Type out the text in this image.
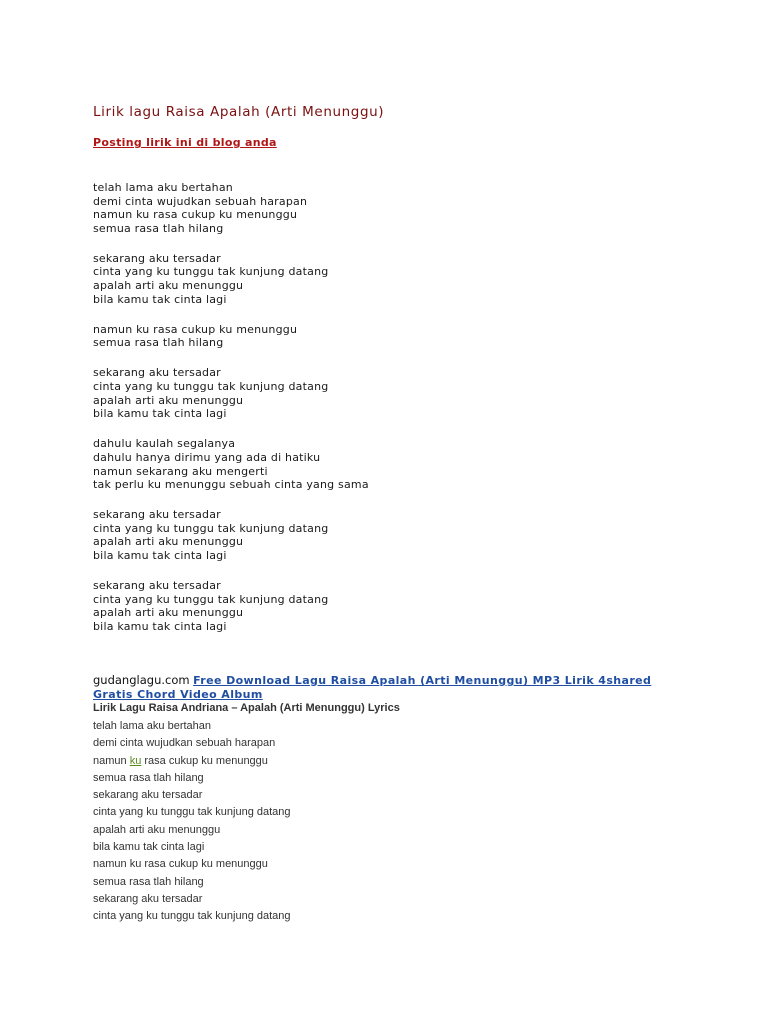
Lirik lagu Raisa Apalah (Arti Menunggu)
Posting lirik ini di blog anda
telah lama aku bertahan
demi cinta wujudkan sebuah harapan
namun ku rasa cukup ku menunggu
semua rasa tlah hilang
sekarang aku tersadar
cinta yang ku tunggu tak kunjung datang
apalah arti aku menunggu
bila kamu tak cinta lagi
namun ku rasa cukup ku menunggu
semua rasa tlah hilang
sekarang aku tersadar
cinta yang ku tunggu tak kunjung datang
apalah arti aku menunggu
bila kamu tak cinta lagi
dahulu kaulah segalanya
dahulu hanya dirimu yang ada di hatiku
namun sekarang aku mengerti
tak perlu ku menunggu sebuah cinta yang sama
sekarang aku tersadar
cinta yang ku tunggu tak kunjung datang
apalah arti aku menunggu
bila kamu tak cinta lagi
sekarang aku tersadar
cinta yang ku tunggu tak kunjung datang
apalah arti aku menunggu
bila kamu tak cinta lagi
gudanglagu.com Free Download Lagu Raisa Apalah (Arti Menunggu) MP3 Lirik 4shared Gratis Chord Video Album
Lirik Lagu Raisa Andriana – Apalah (Arti Menunggu) Lyrics
telah lama aku bertahan
demi cinta wujudkan sebuah harapan
namun ku rasa cukup ku menunggu
semua rasa tlah hilang
sekarang aku tersadar
cinta yang ku tunggu tak kunjung datang
apalah arti aku menunggu
bila kamu tak cinta lagi
namun ku rasa cukup ku menunggu
semua rasa tlah hilang
sekarang aku tersadar
cinta yang ku tunggu tak kunjung datang
